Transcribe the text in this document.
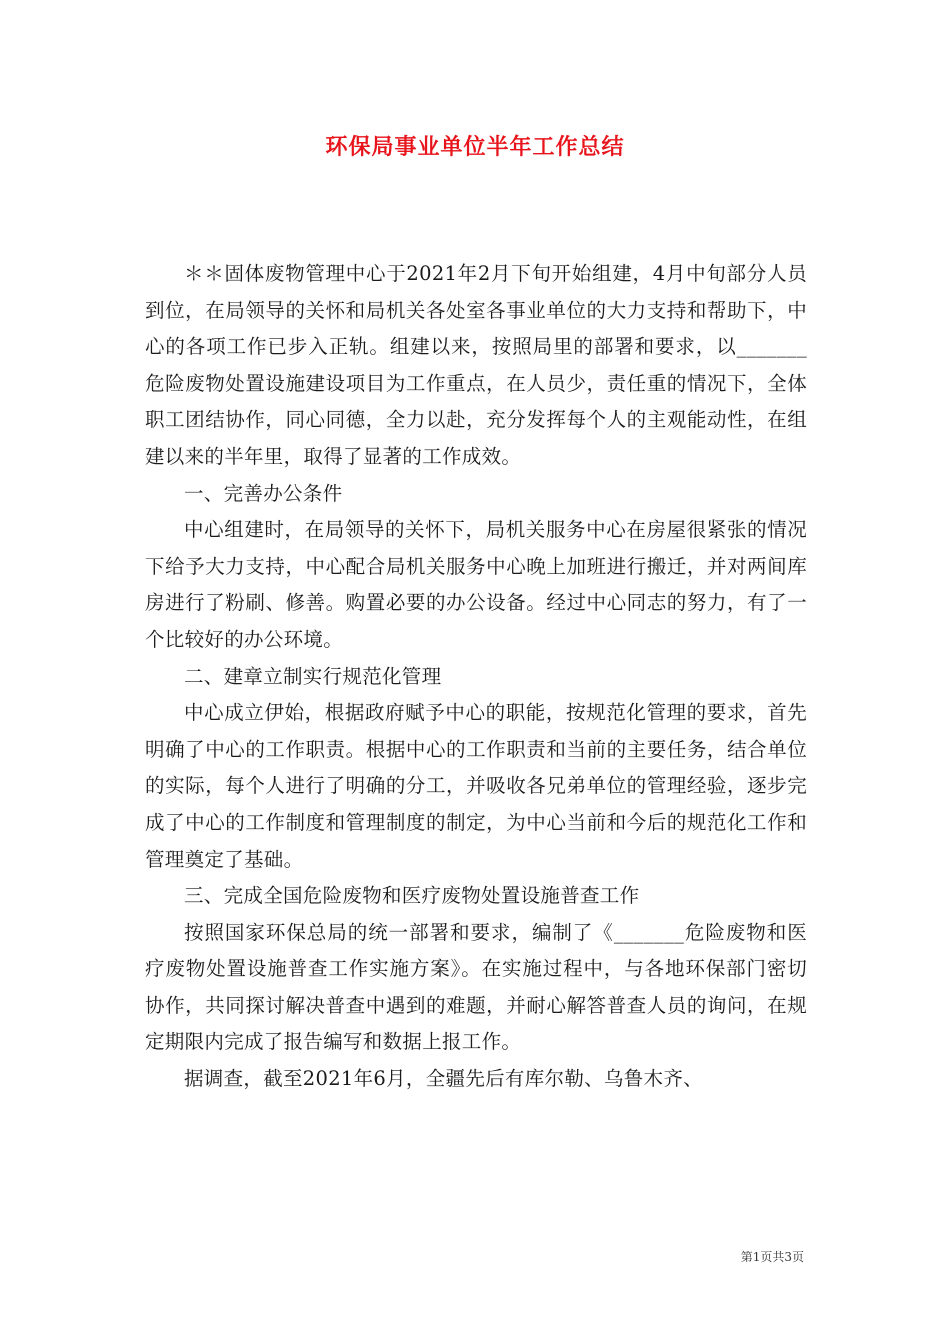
环保局事业单位半年工作总结

＊＊固体废物管理中心于2021年2月下旬开始组建，4月中旬部分人员到位，在局领导的关怀和局机关各处室各事业单位的大力支持和帮助下，中心的各项工作已步入正轨。组建以来，按照局里的部署和要求，以_______危险废物处置设施建设项目为工作重点，在人员少，责任重的情况下，全体职工团结协作，同心同德，全力以赴，充分发挥每个人的主观能动性，在组建以来的半年里，取得了显著的工作成效。

一、完善办公条件

中心组建时，在局领导的关怀下，局机关服务中心在房屋很紧张的情况下给予大力支持，中心配合局机关服务中心晚上加班进行搬迁，并对两间库房进行了粉刷、修善。购置必要的办公设备。经过中心同志的努力，有了一个比较好的办公环境。

二、建章立制实行规范化管理

中心成立伊始，根据政府赋予中心的职能，按规范化管理的要求，首先明确了中心的工作职责。根据中心的工作职责和当前的主要任务，结合单位的实际，每个人进行了明确的分工，并吸收各兄弟单位的管理经验，逐步完成了中心的工作制度和管理制度的制定，为中心当前和今后的规范化工作和管理奠定了基础。

三、完成全国危险废物和医疗废物处置设施普查工作

按照国家环保总局的统一部署和要求，编制了《_______危险废物和医疗废物处置设施普查工作实施方案》。在实施过程中，与各地环保部门密切协作，共同探讨解决普查中遇到的难题，并耐心解答普查人员的询问，在规定期限内完成了报告编写和数据上报工作。

据调查，截至2021年6月，全疆先后有库尔勒、乌鲁木齐、

第1页共3页
